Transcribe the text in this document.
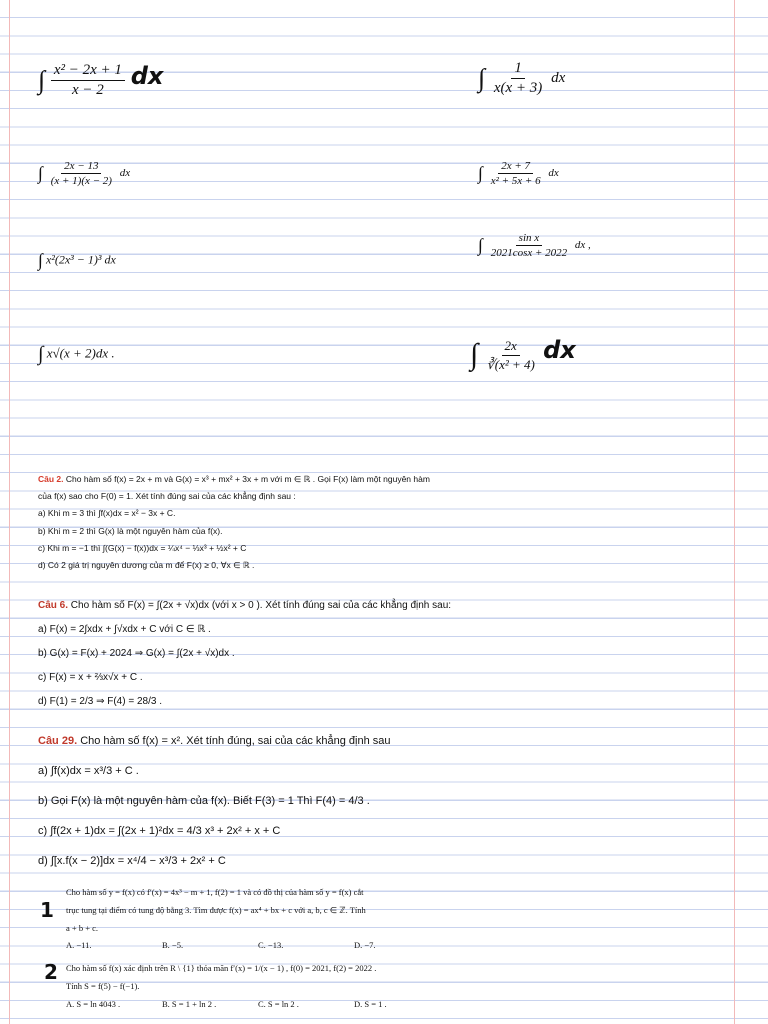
∫ $\frac{\text{x² − 2x + 1}}{x - 2}$ dx	∫ $\frac{1}{x(x + 3)}$ dx
∫ $\frac{2x - 13}{(x + 1)(x - 2)}$ dx	∫ $\frac{2x + 7}{\text{x² + 5x + 6}}$ dx
∫ x²(2x³ − 1)³ dx
∫ $\frac{\text{sin x}}{2021\cos x + 2022}$ dx ,
∫ x√(x + 2)dx .	∫ $\frac{2x}{\text{∛(x² + 4)}}$ dx
Câu 2. Cho hàm số f(x) = 2x + m và G(x) = x³ + mx² + 3x + m với m ∈ ℝ . Gọi F(x) làm một nguyên hàm
của f(x) sao cho F(0) = 1. Xét tính đúng sai của các khẳng định sau :
a) Khi m = 3 thì ∫f(x)dx = x² − 3x + C.
b) Khi m = 2 thì G(x) là một nguyên hàm của f(x).
c) Khi m = −1 thì ∫(G(x) − f(x))dx = ¼x⁴ − ⅓x³ + ½x² + C
d) Có 2 giá trị nguyên dương của m để F(x) ≥ 0, ∀x ∈ ℝ .
Câu 6. Cho hàm số F(x) = ∫(2x + √x)dx (với x > 0 ). Xét tính đúng sai của các khẳng định sau:
a) F(x) = 2∫xdx + ∫√xdx + C với C ∈ ℝ .
b) G(x) = F(x) + 2024 ⇒ G(x) = ∫(2x + √x)dx .
c) F(x) = x + ⅔x√x + C .
d) F(1) = 2/3 ⇒ F(4) = 28/3 .
Câu 29. Cho hàm số f(x) = x². Xét tính đúng, sai của các khẳng định sau
a) ∫f(x)dx = x³/3 + C .
b) Gọi F(x) là một nguyên hàm của f(x). Biết F(3) = 1 Thì F(4) = 4/3 .
c) ∫f(2x + 1)dx = ∫(2x + 1)²dx = 4/3 x³ + 2x² + x + C
d) ∫[x.f(x − 2)]dx = x⁴/4 − x³/3 + 2x² + C
1
Cho hàm số y = f(x) có f′(x) = 4x³ − m + 1, f(2) = 1 và có đồ thị của hàm số y = f(x) cắt
trục tung tại điểm có tung độ bằng 3. Tìm được f(x) = ax⁴ + bx + c với a, b, c ∈ ℤ. Tính
a + b + c.
A. −11.	B. −5.	C. −13.	D. −7.
2 Cho hàm số f(x) xác định trên R \ {1} thỏa mãn f′(x) = 1/(x − 1) , f(0) = 2021, f(2) = 2022 .
Tính S = f(5) − f(−1).
A. S = ln 4043 .	B. S = 1 + ln 2 .	C. S = ln 2 .	D. S = 1 .
